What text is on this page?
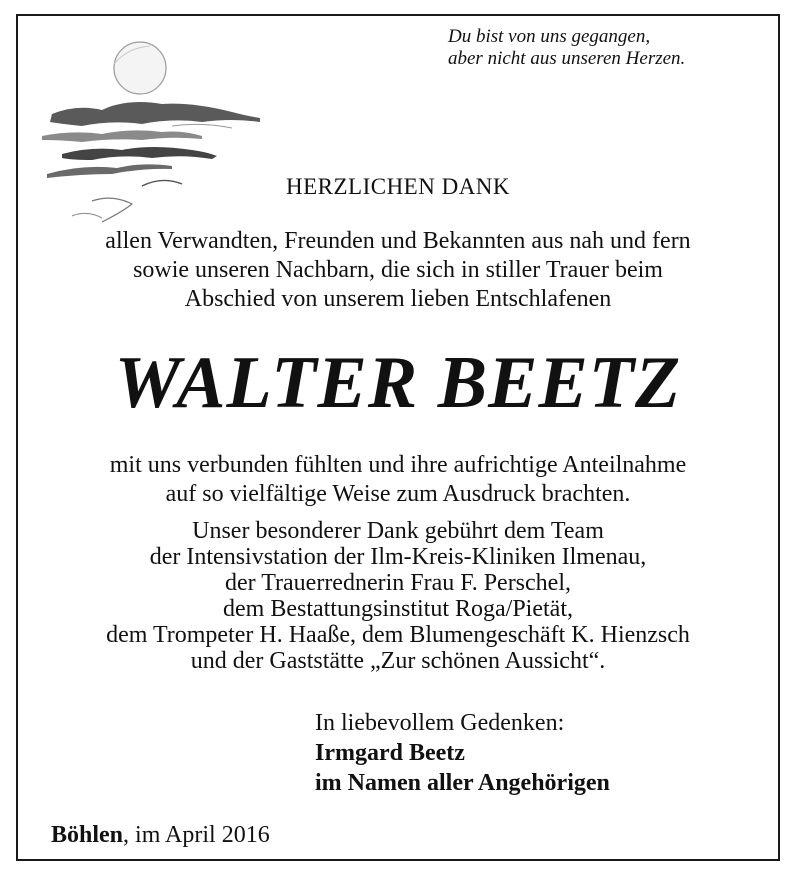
Du bist von uns gegangen,
aber nicht aus unseren Herzen.
HERZLICHEN DANK
allen Verwandten, Freunden und Bekannten aus nah und fern
sowie unseren Nachbarn, die sich in stiller Trauer beim
Abschied von unserem lieben Entschlafenen
WALTER BEETZ
mit uns verbunden fühlten und ihre aufrichtige Anteilnahme
auf so vielfältige Weise zum Ausdruck brachten.
Unser besonderer Dank gebührt dem Team
der Intensivstation der Ilm-Kreis-Kliniken Ilmenau,
der Trauerrednerin Frau F. Perschel,
dem Bestattungsinstitut Roga/Pietät,
dem Trompeter H. Haaße, dem Blumengeschäft K. Hienzsch
und der Gaststätte „Zur schönen Aussicht“.
In liebevollem Gedenken:
Irmgard Beetz
im Namen aller Angehörigen
Böhlen, im April 2016
